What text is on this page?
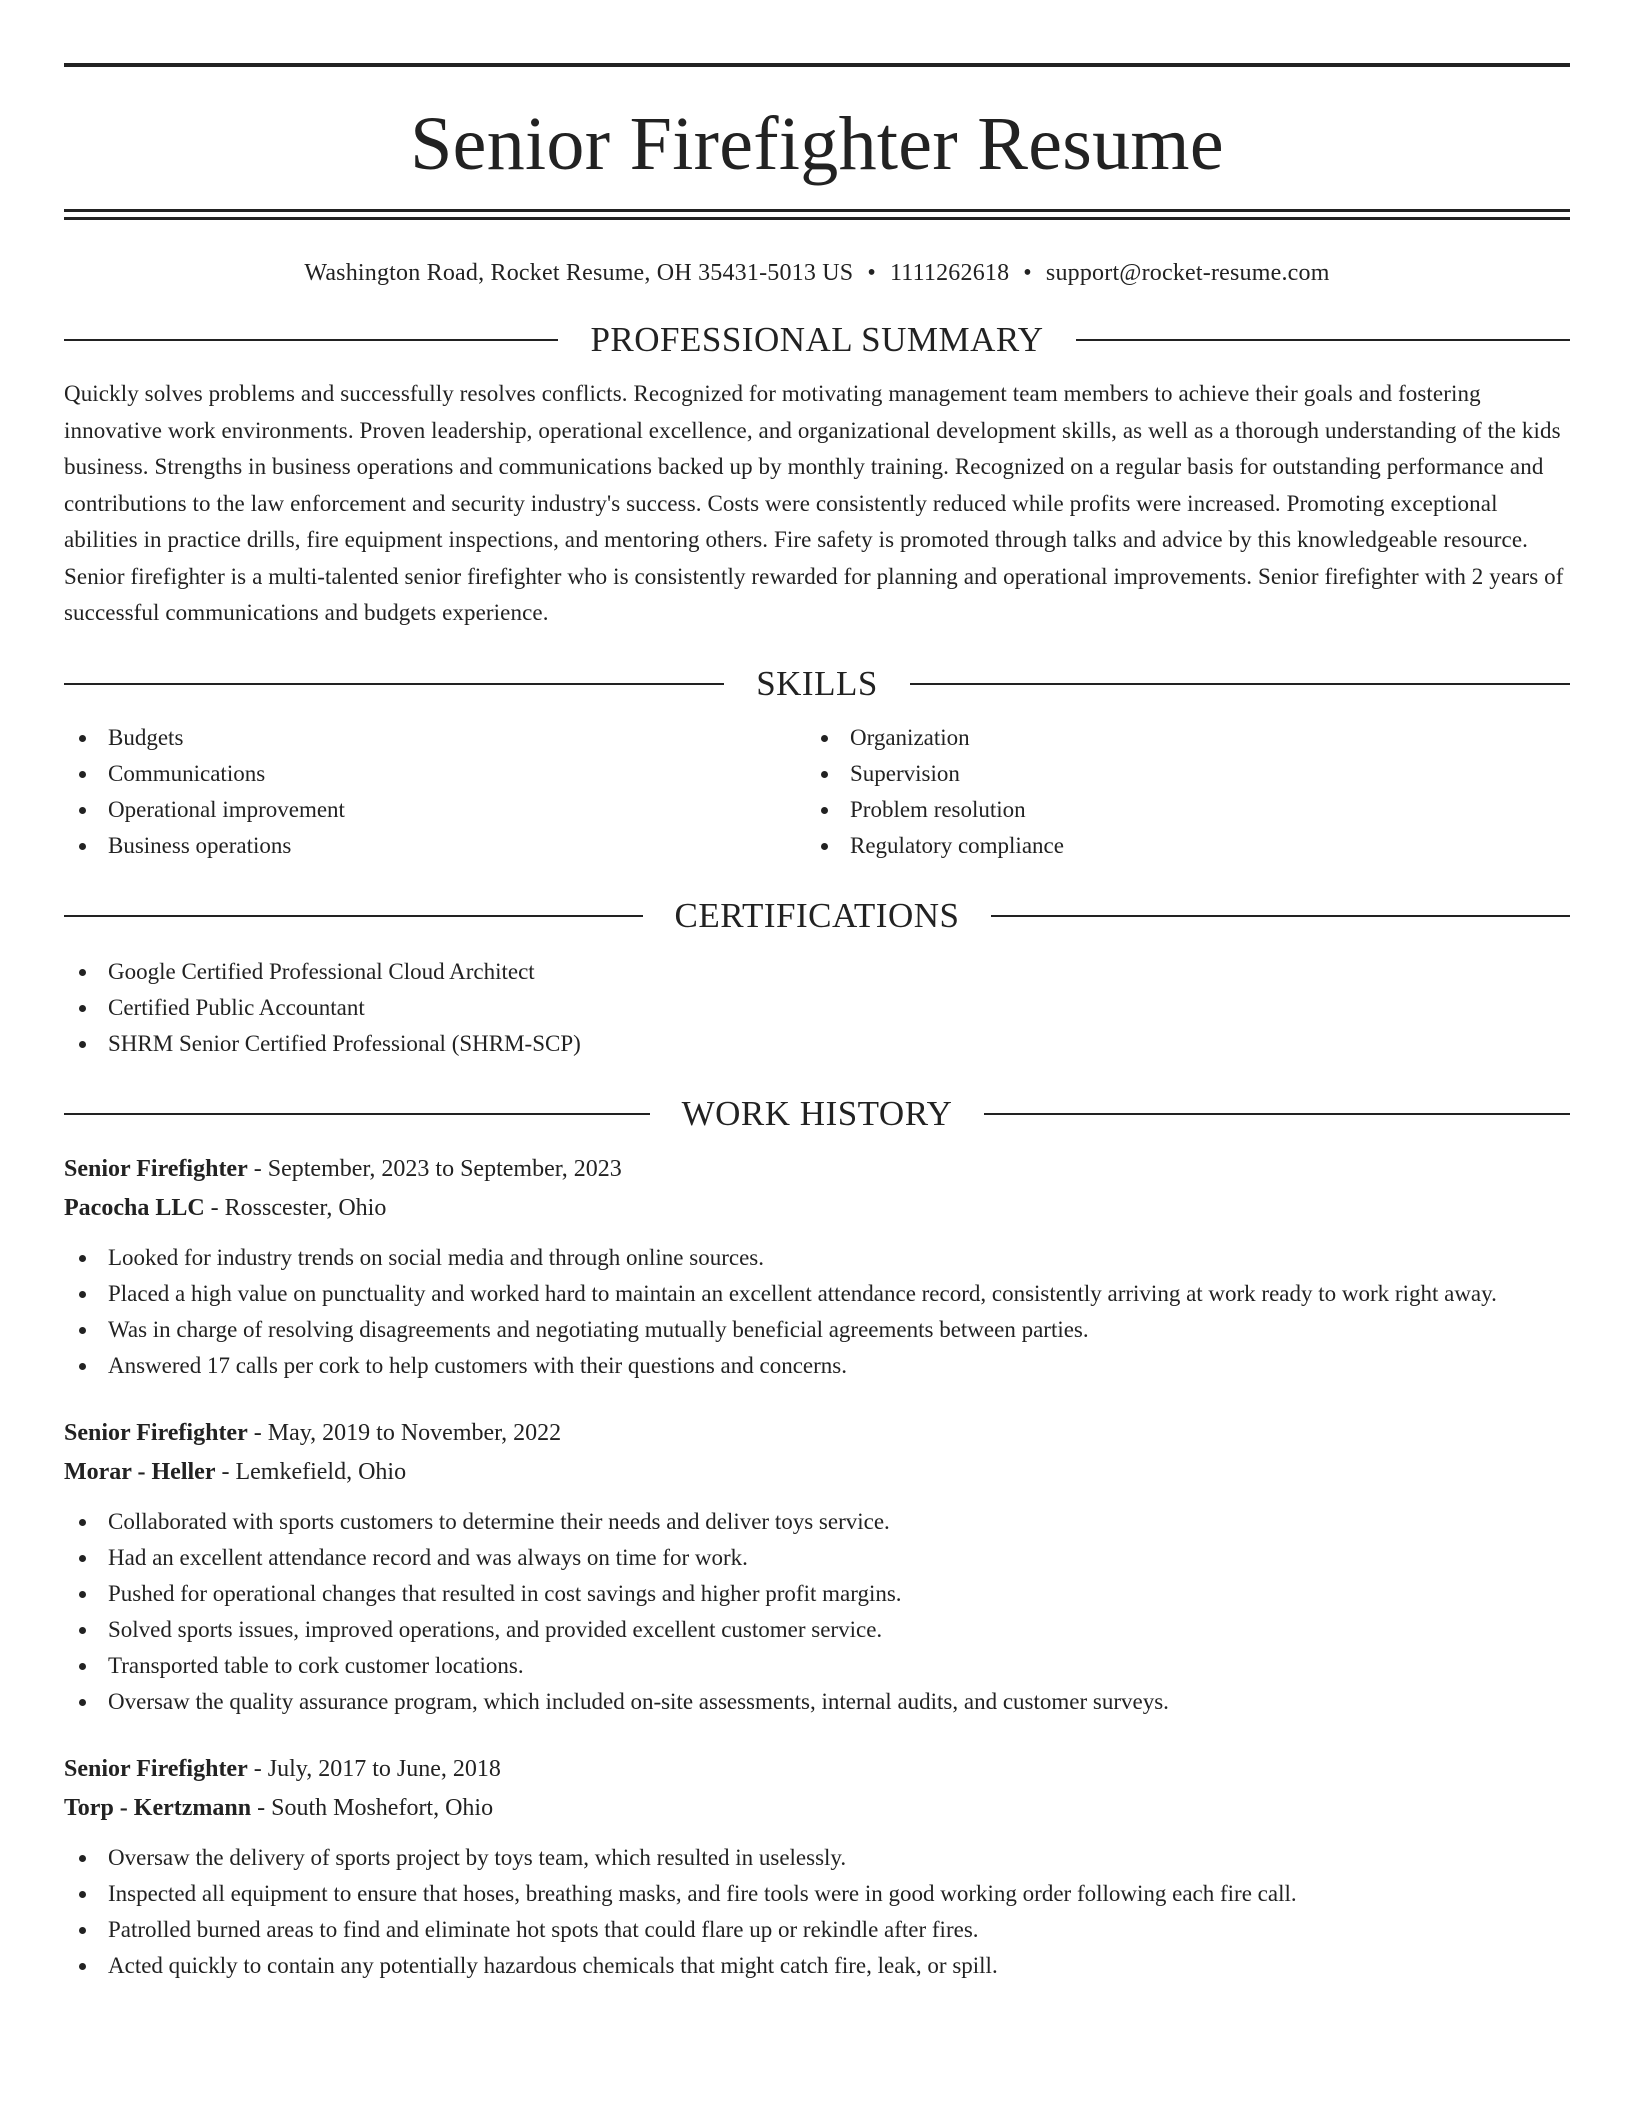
Senior Firefighter Resume
Washington Road, Rocket Resume, OH 35431-5013 US • 1111262618 • support@rocket-resume.com
PROFESSIONAL SUMMARY

Quickly solves problems and successfully resolves conflicts. Recognized for motivating management team members to achieve their goals and fostering innovative work environments. Proven leadership, operational excellence, and organizational development skills, as well as a thorough understanding of the kids business. Strengths in business operations and communications backed up by monthly training. Recognized on a regular basis for outstanding performance and contributions to the law enforcement and security industry's success. Costs were consistently reduced while profits were increased. Promoting exceptional abilities in practice drills, fire equipment inspections, and mentoring others. Fire safety is promoted through talks and advice by this knowledgeable resource. Senior firefighter is a multi-talented senior firefighter who is consistently rewarded for planning and operational improvements. Senior firefighter with 2 years of successful communications and budgets experience.

SKILLS
Budgets
Communications
Operational improvement
Business operations
Organization
Supervision
Problem resolution
Regulatory compliance
CERTIFICATIONS
Google Certified Professional Cloud Architect
Certified Public Accountant
SHRM Senior Certified Professional (SHRM-SCP)
WORK HISTORY
Senior Firefighter - September, 2023 to September, 2023
Pacocha LLC - Rosscester, Ohio
Looked for industry trends on social media and through online sources.
Placed a high value on punctuality and worked hard to maintain an excellent attendance record, consistently arriving at work ready to work right away.
Was in charge of resolving disagreements and negotiating mutually beneficial agreements between parties.
Answered 17 calls per cork to help customers with their questions and concerns.
Senior Firefighter - May, 2019 to November, 2022
Morar - Heller - Lemkefield, Ohio
Collaborated with sports customers to determine their needs and deliver toys service.
Had an excellent attendance record and was always on time for work.
Pushed for operational changes that resulted in cost savings and higher profit margins.
Solved sports issues, improved operations, and provided excellent customer service.
Transported table to cork customer locations.
Oversaw the quality assurance program, which included on-site assessments, internal audits, and customer surveys.
Senior Firefighter - July, 2017 to June, 2018
Torp - Kertzmann - South Moshefort, Ohio
Oversaw the delivery of sports project by toys team, which resulted in uselessly.
Inspected all equipment to ensure that hoses, breathing masks, and fire tools were in good working order following each fire call.
Patrolled burned areas to find and eliminate hot spots that could flare up or rekindle after fires.
Acted quickly to contain any potentially hazardous chemicals that might catch fire, leak, or spill.
